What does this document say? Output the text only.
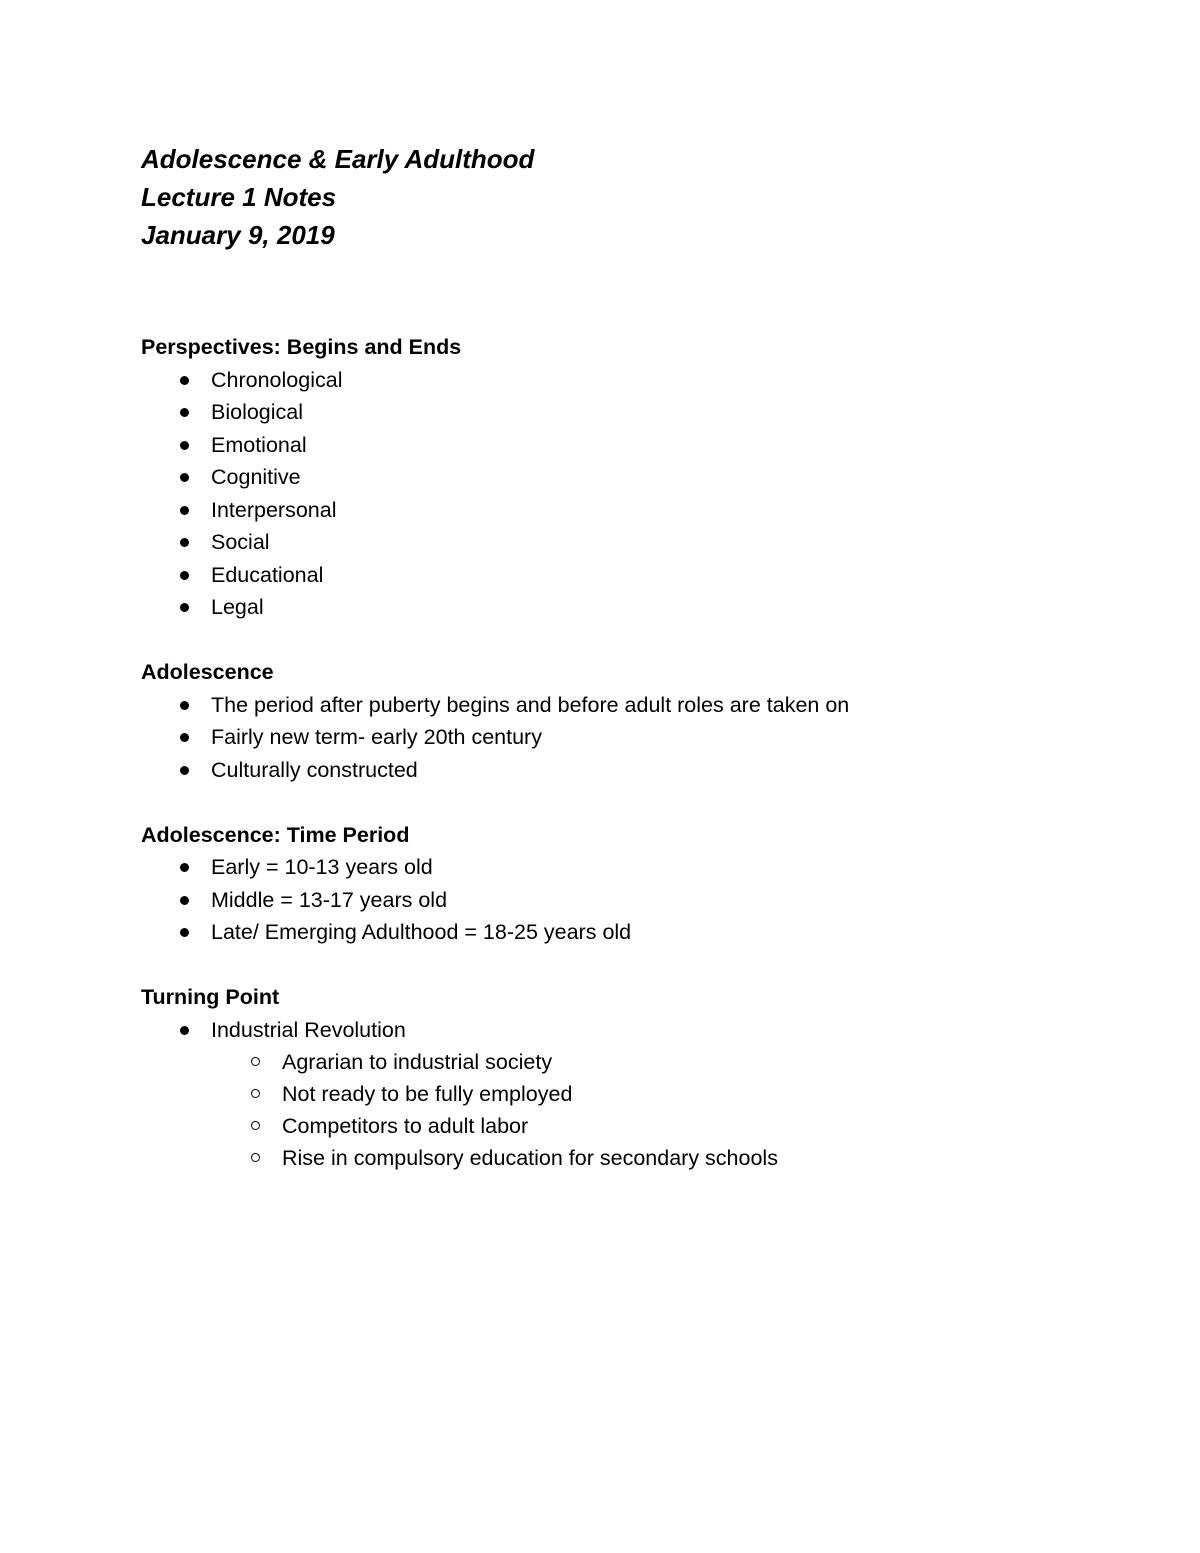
Adolescence & Early Adulthood
Lecture 1 Notes
January 9, 2019
Perspectives: Begins and Ends
Chronological
Biological
Emotional
Cognitive
Interpersonal
Social
Educational
Legal
Adolescence
The period after puberty begins and before adult roles are taken on
Fairly new term- early 20th century
Culturally constructed
Adolescence: Time Period
Early = 10-13 years old
Middle = 13-17 years old
Late/ Emerging Adulthood = 18-25 years old
Turning Point
Industrial Revolution
Agrarian to industrial society
Not ready to be fully employed
Competitors to adult labor
Rise in compulsory education for secondary schools
